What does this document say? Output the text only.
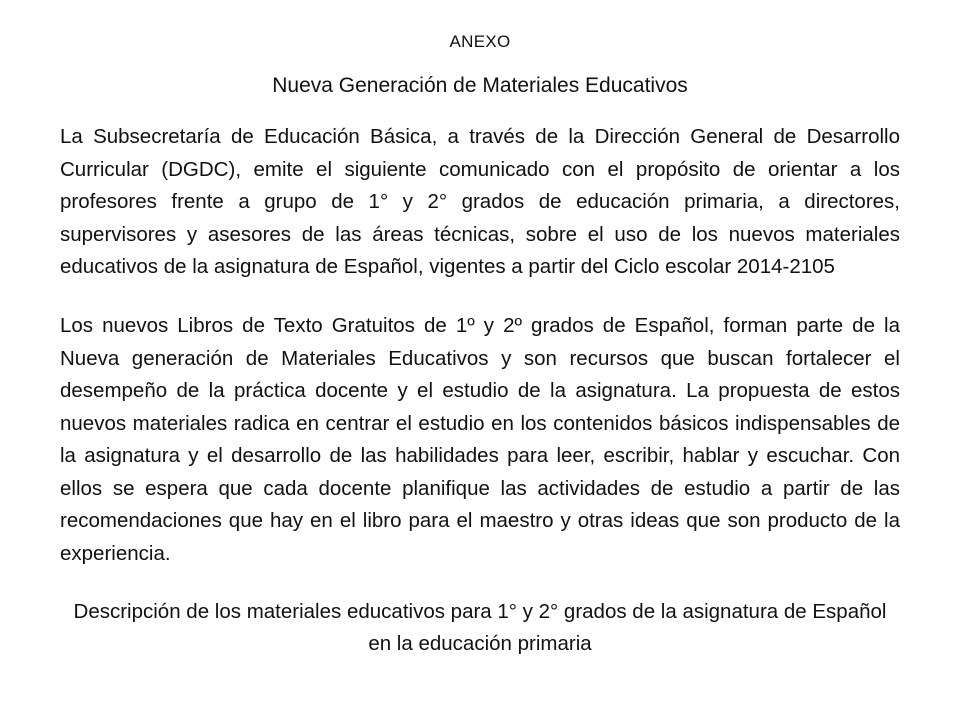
ANEXO
Nueva Generación de Materiales Educativos

La Subsecretaría de Educación Básica, a través de la Dirección General de Desarrollo Curricular (DGDC), emite el siguiente comunicado con el propósito de orientar a los profesores frente a grupo de 1° y 2° grados de educación primaria, a directores, supervisores y asesores de las áreas técnicas, sobre el uso de los nuevos materiales educativos de la asignatura de Español, vigentes a partir del Ciclo escolar 2014-2105

Los nuevos Libros de Texto Gratuitos de 1º y 2º grados de Español, forman parte de la Nueva generación de Materiales Educativos y son recursos que buscan fortalecer el desempeño de la práctica docente y el estudio de la asignatura. La propuesta de estos nuevos materiales radica en centrar el estudio en los contenidos básicos indispensables de la asignatura y el desarrollo de las habilidades para leer, escribir, hablar y escuchar. Con ellos se espera que cada docente planifique las actividades de estudio a partir de las recomendaciones que hay en el libro para el maestro y otras ideas que son producto de la experiencia.

Descripción de los materiales educativos para 1° y 2° grados de la asignatura de Español en la educación primaria
